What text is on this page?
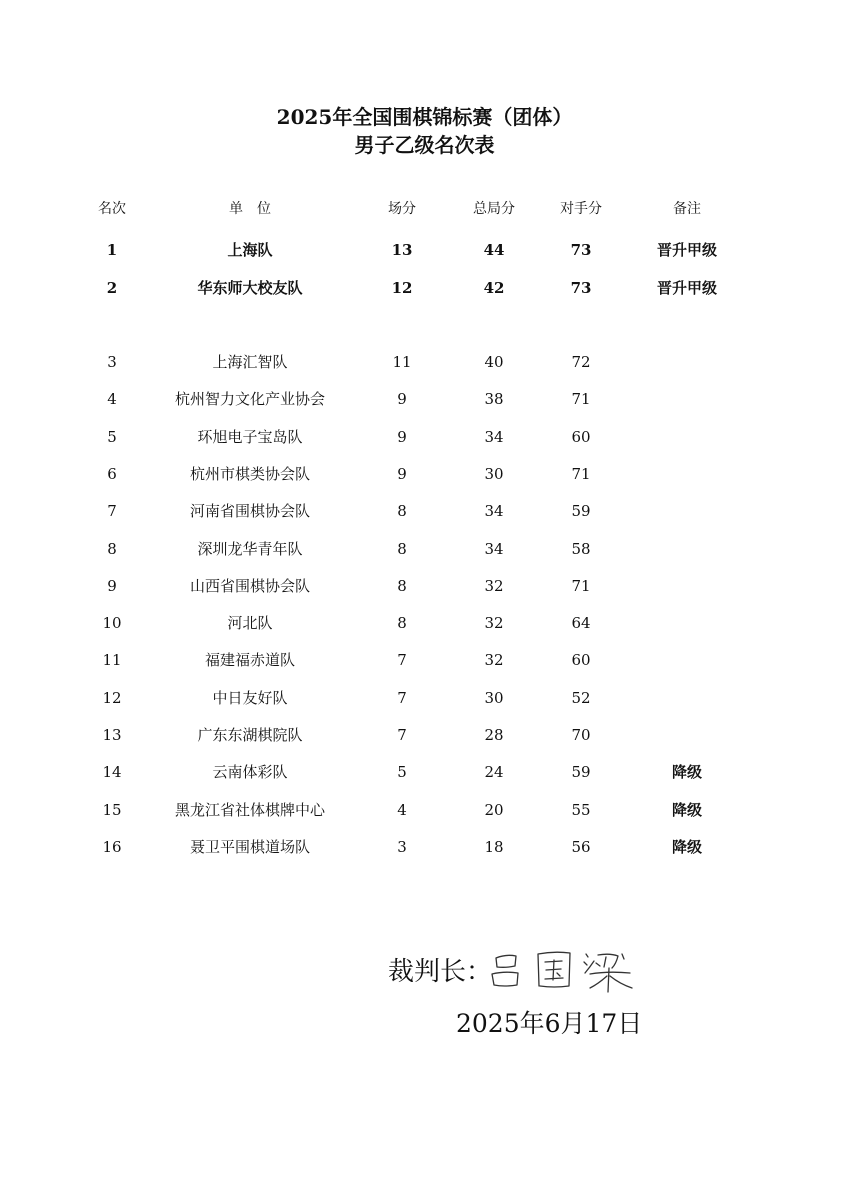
2025年全国围棋锦标赛（团体）
男子乙级名次表
名次	单　位	场分	总局分	对手分	备注
1	上海队	13	44	73	晋升甲级
2	华东师大校友队	12	42	73	晋升甲级
3	上海汇智队	11	40	72
4	杭州智力文化产业协会	9	38	71
5	环旭电子宝岛队	9	34	60
6	杭州市棋类协会队	9	30	71
7	河南省围棋协会队	8	34	59
8	深圳龙华青年队	8	34	58
9	山西省围棋协会队	8	32	71
10	河北队	8	32	64
11	福建福赤道队	7	32	60
12	中日友好队	7	30	52
13	广东东湖棋院队	7	28	70
14	云南体彩队	5	24	59	降级
15	黑龙江省社体棋牌中心	4	20	55	降级
16	聂卫平围棋道场队	3	18	56	降级
裁判长：
2025年6月17日
